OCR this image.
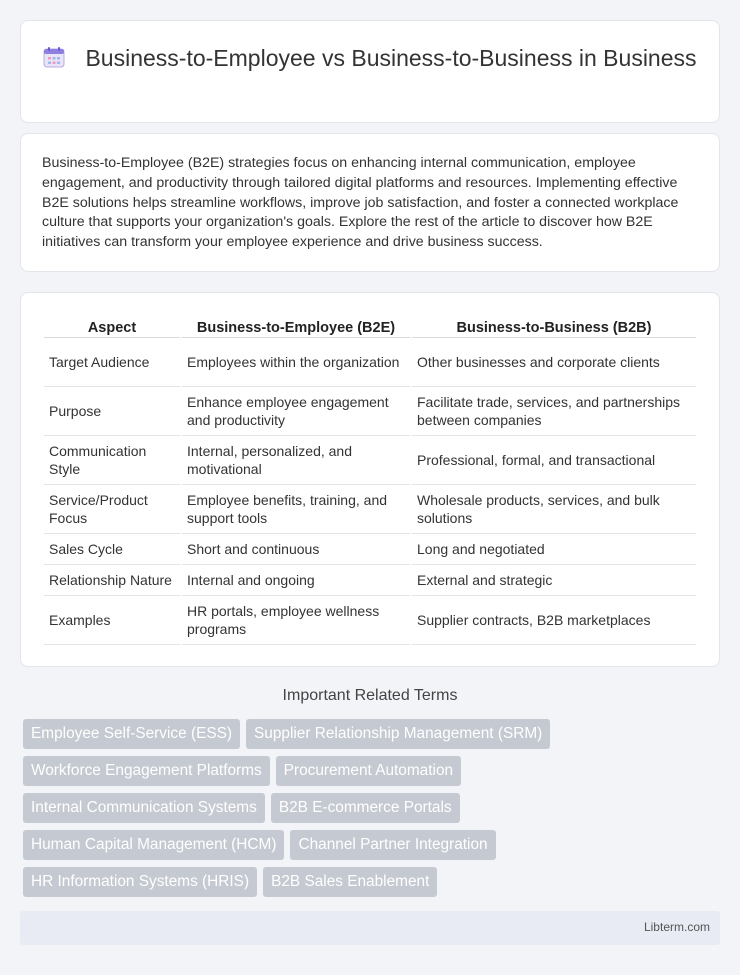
Business-to-Employee vs Business-to-Business in Business

Business-to-Employee (B2E) strategies focus on enhancing internal communication, employee engagement, and productivity through tailored digital platforms and resources. Implementing effective B2E solutions helps streamline workflows, improve job satisfaction, and foster a connected workplace culture that supports your organization's goals. Explore the rest of the article to discover how B2E initiatives can transform your employee experience and drive business success.

Aspect	Business-to-Employee (B2E)	Business-to-Business (B2B)
Target Audience	Employees within the organization	Other businesses and corporate clients
Purpose	Enhance employee engagement and productivity	Facilitate trade, services, and partnerships between companies
Communication Style	Internal, personalized, and motivational	Professional, formal, and transactional
Service/Product Focus	Employee benefits, training, and support tools	Wholesale products, services, and bulk solutions
Sales Cycle	Short and continuous	Long and negotiated
Relationship Nature	Internal and ongoing	External and strategic
Examples	HR portals, employee wellness programs	Supplier contracts, B2B marketplaces
Important Related Terms
Employee Self-Service (ESS)	Supplier Relationship Management (SRM)
Workforce Engagement Platforms	Procurement Automation
Internal Communication Systems	B2B E-commerce Portals
Human Capital Management (HCM)	Channel Partner Integration
HR Information Systems (HRIS)	B2B Sales Enablement
Libterm.com
